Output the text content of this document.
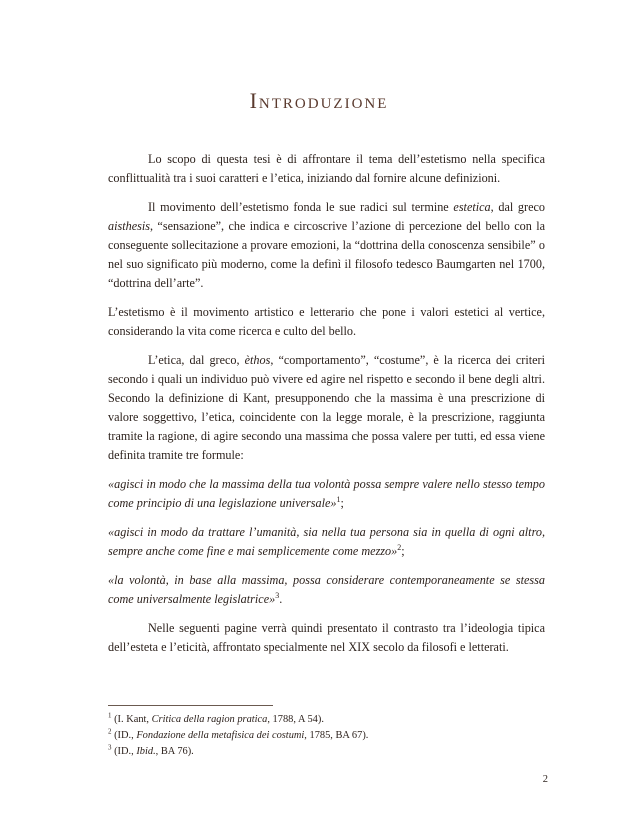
Introduzione

Lo scopo di questa tesi è di affrontare il tema dell’estetismo nella specifica conflittualità tra i suoi caratteri e l’etica, iniziando dal fornire alcune definizioni.

Il movimento dell’estetismo fonda le sue radici sul termine estetica, dal greco aisthesis, “sensazione”, che indica e circoscrive l’azione di percezione del bello con la conseguente sollecitazione a provare emozioni, la “dottrina della conoscenza sensibile” o nel suo significato più moderno, come la definì il filosofo tedesco Baumgarten nel 1700, “dottrina dell’arte”.

L’estetismo è il movimento artistico e letterario che pone i valori estetici al vertice, considerando la vita come ricerca e culto del bello.

L’etica, dal greco, èthos, “comportamento”, “costume”, è la ricerca dei criteri secondo i quali un individuo può vivere ed agire nel rispetto e secondo il bene degli altri. Secondo la definizione di Kant, presupponendo che la massima è una prescrizione di valore soggettivo, l’etica, coincidente con la legge morale, è la prescrizione, raggiunta tramite la ragione, di agire secondo una massima che possa valere per tutti, ed essa viene definita tramite tre formule:

«agisci in modo che la massima della tua volontà possa sempre valere nello stesso tempo come principio di una legislazione universale»$^1$;

«agisci in modo da trattare l’umanità, sia nella tua persona sia in quella di ogni altro, sempre anche come fine e mai semplicemente come mezzo»$^2$;

«la volontà, in base alla massima, possa considerare contemporaneamente se stessa come universalmente legislatrice»$^3$.

Nelle seguenti pagine verrà quindi presentato il contrasto tra l’ideologia tipica dell’esteta e l’eticità, affrontato specialmente nel XIX secolo da filosofi e letterati.

$^1$ (I. Kant, Critica della ragion pratica, 1788, A 54).

$^2$ (ID., Fondazione della metafisica dei costumi, 1785, BA 67).

$^3$ (ID., Ibid., BA 76).

2
